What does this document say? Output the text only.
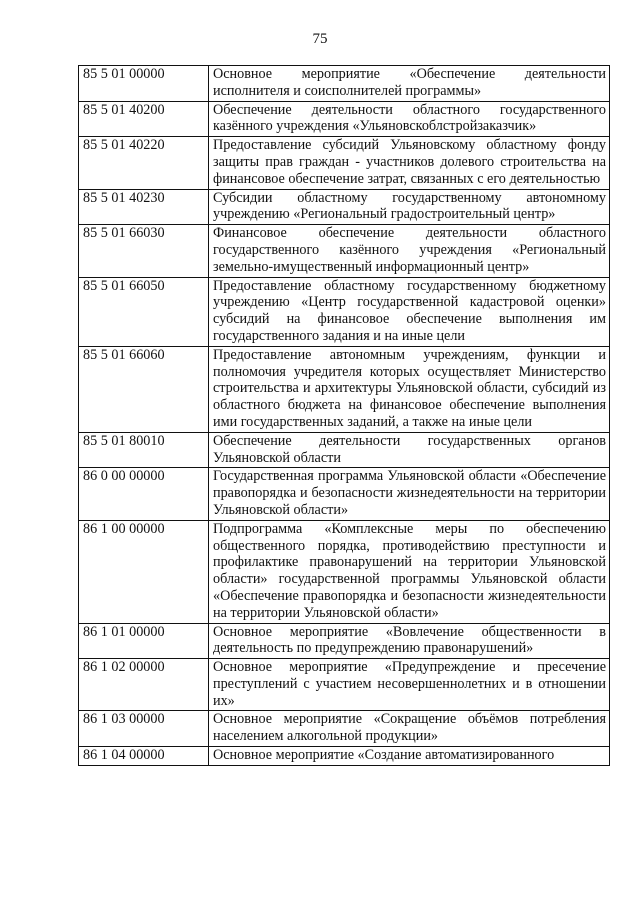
75
85 5 01 00000	Основное мероприятие «Обеспечение деятельности исполнителя и соисполнителей программы»
85 5 01 40200	Обеспечение деятельности областного государственного казённого учреждения «Ульяновскоблстройзаказчик»
85 5 01 40220	Предоставление субсидий Ульяновскому областному фонду защиты прав граждан - участников долевого строительства на финансовое обеспечение затрат, связанных с его деятельностью
85 5 01 40230	Субсидии областному государственному автономному учреждению «Региональный градостроительный центр»
85 5 01 66030	Финансовое обеспечение деятельности областного государственного казённого учреждения «Региональный земельно-имущественный информационный центр»
85 5 01 66050	Предоставление областному государственному бюджетному учреждению «Центр государственной кадастровой оценки» субсидий на финансовое обеспечение выполнения им государственного задания и на иные цели
85 5 01 66060	Предоставление автономным учреждениям, функции и полномочия учредителя которых осуществляет Министерство строительства и архитектуры Ульяновской области, субсидий из областного бюджета на финансовое обеспечение выполнения ими государственных заданий, а также на иные цели
85 5 01 80010	Обеспечение деятельности государственных органов Ульяновской области
86 0 00 00000	Государственная программа Ульяновской области «Обеспечение правопорядка и безопасности жизнедеятельности на территории Ульяновской области»
86 1 00 00000	Подпрограмма «Комплексные меры по обеспечению общественного порядка, противодействию преступности и профилактике правонарушений на территории Ульяновской области» государственной программы Ульяновской области «Обеспечение правопорядка и безопасности жизнедеятельности на территории Ульяновской области»
86 1 01 00000	Основное мероприятие «Вовлечение общественности в деятельность по предупреждению правонарушений»
86 1 02 00000	Основное мероприятие «Предупреждение и пресечение преступлений с участием несовершеннолетних и в отношении их»
86 1 03 00000	Основное мероприятие «Сокращение объёмов потребления населением алкогольной продукции»
86 1 04 00000	Основное мероприятие «Создание автоматизированного
